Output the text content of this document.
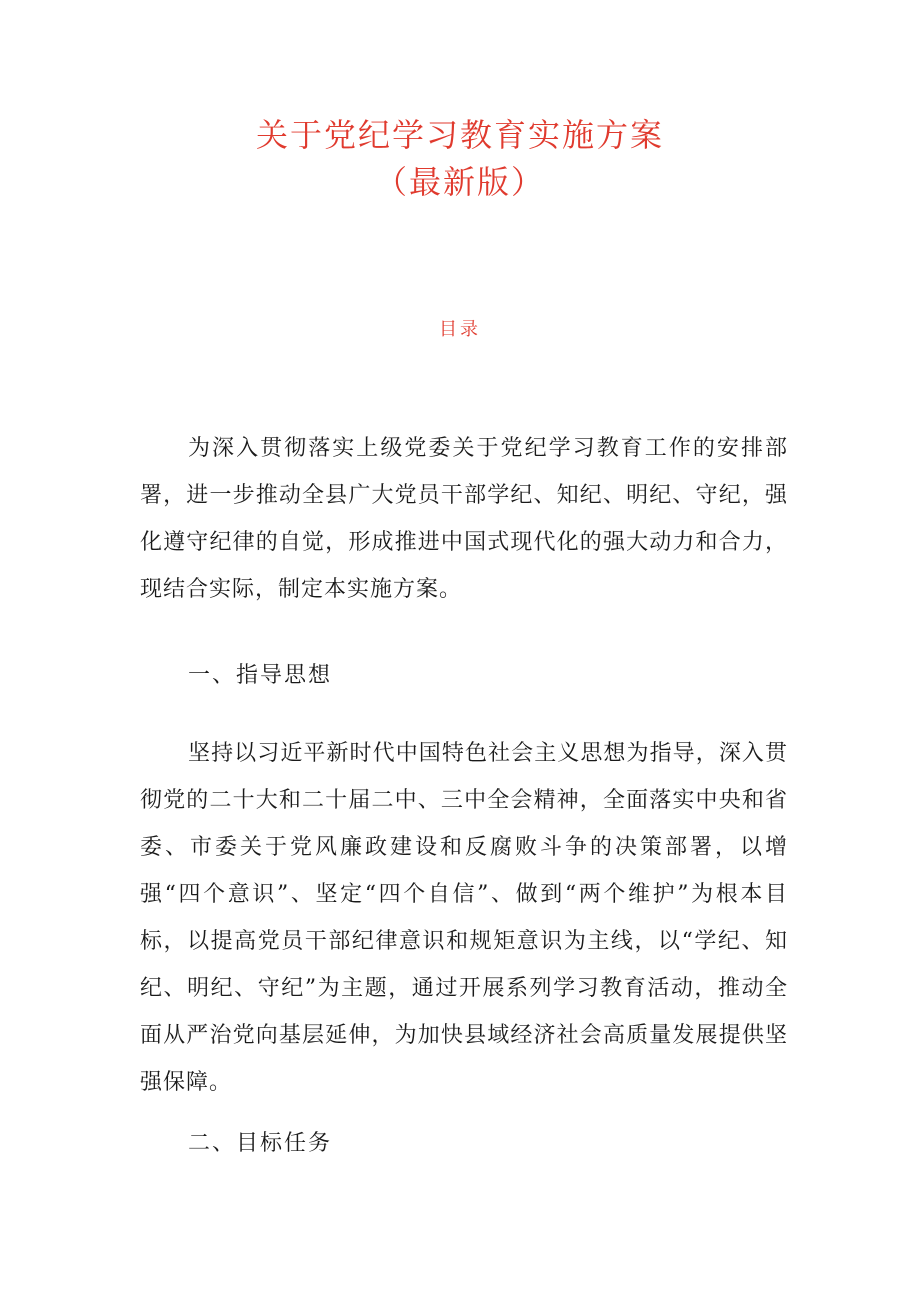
关于党纪学习教育实施方案
（最新版）
目录

为深入贯彻落实上级党委关于党纪学习教育工作的安排部署，进一步推动全县广大党员干部学纪、知纪、明纪、守纪，强化遵守纪律的自觉，形成推进中国式现代化的强大动力和合力，现结合实际，制定本实施方案。

一、指导思想

坚持以习近平新时代中国特色社会主义思想为指导，深入贯彻党的二十大和二十届二中、三中全会精神，全面落实中央和省委、市委关于党风廉政建设和反腐败斗争的决策部署，以增强“四个意识”、坚定“四个自信”、做到“两个维护”为根本目标，以提高党员干部纪律意识和规矩意识为主线，以“学纪、知纪、明纪、守纪”为主题，通过开展系列学习教育活动，推动全面从严治党向基层延伸，为加快县域经济社会高质量发展提供坚强保障。

二、目标任务
